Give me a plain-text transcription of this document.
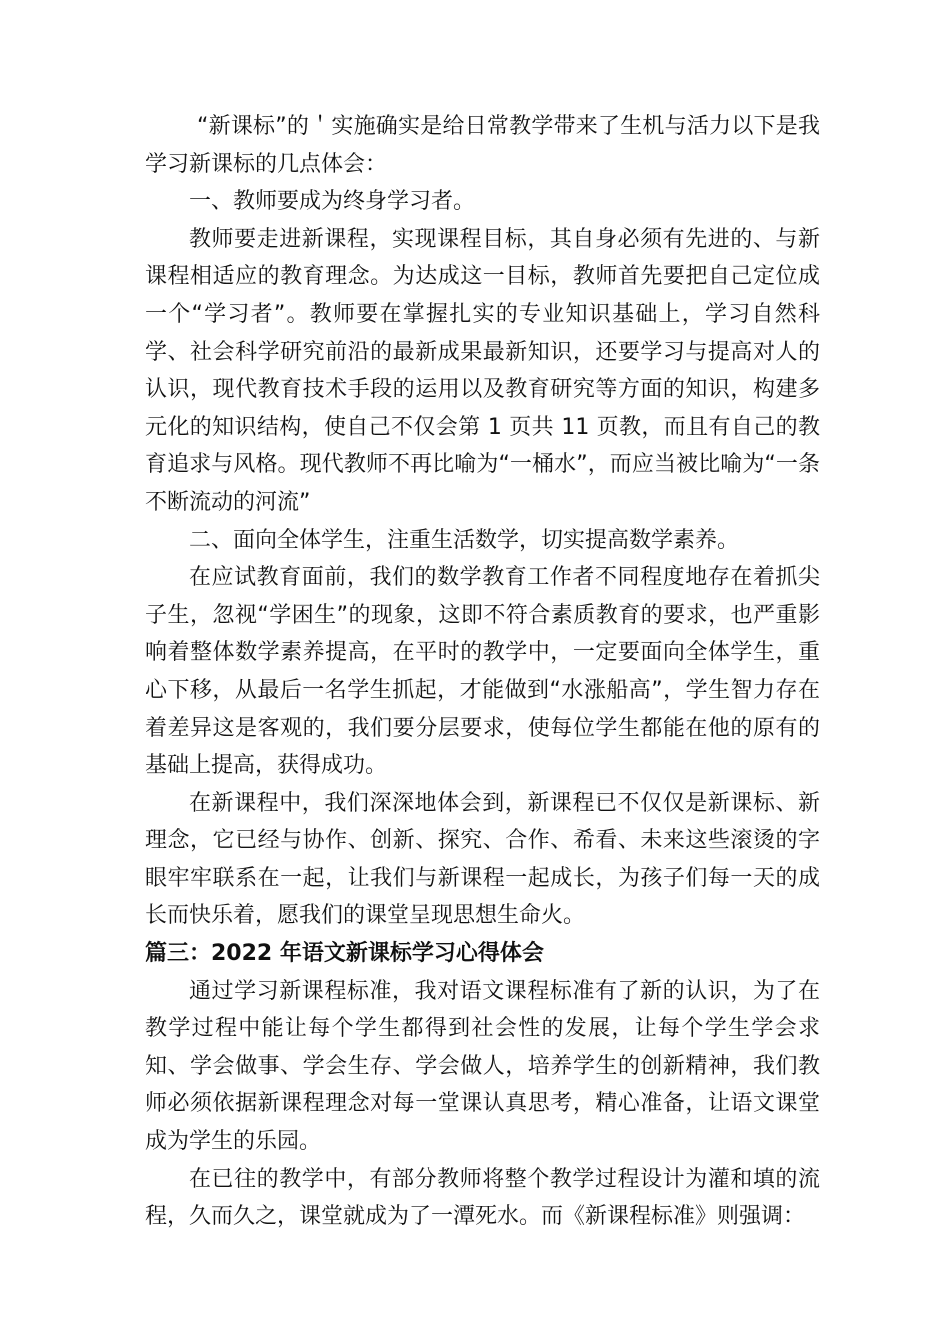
“新课标”的＇实施确实是给日常教学带来了生机与活力以下是我学习新课标的几点体会：

一、教师要成为终身学习者。

教师要走进新课程，实现课程目标，其自身必须有先进的、与新课程相适应的教育理念。为达成这一目标，教师首先要把自己定位成一个“学习者”。教师要在掌握扎实的专业知识基础上，学习自然科学、社会科学研究前沿的最新成果最新知识，还要学习与提高对人的认识，现代教育技术手段的运用以及教育研究等方面的知识，构建多元化的知识结构，使自己不仅会第 1 页共 11 页教，而且有自己的教育追求与风格。现代教师不再比喻为“一桶水”，而应当被比喻为“一条不断流动的河流”

二、面向全体学生，注重生活数学，切实提高数学素养。

在应试教育面前，我们的数学教育工作者不同程度地存在着抓尖子生，忽视“学困生”的现象，这即不符合素质教育的要求，也严重影响着整体数学素养提高，在平时的教学中，一定要面向全体学生，重心下移，从最后一名学生抓起，才能做到“水涨船高”，学生智力存在着差异这是客观的，我们要分层要求，使每位学生都能在他的原有的基础上提高，获得成功。

在新课程中，我们深深地体会到，新课程已不仅仅是新课标、新理念，它已经与协作、创新、探究、合作、希看、未来这些滚烫的字眼牢牢联系在一起，让我们与新课程一起成长，为孩子们每一天的成长而快乐着，愿我们的课堂呈现思想生命火。

篇三：2022 年语文新课标学习心得体会

通过学习新课程标准，我对语文课程标准有了新的认识，为了在教学过程中能让每个学生都得到社会性的发展，让每个学生学会求知、学会做事、学会生存、学会做人，培养学生的创新精神，我们教师必须依据新课程理念对每一堂课认真思考，精心准备，让语文课堂成为学生的乐园。

在已往的教学中，有部分教师将整个教学过程设计为灌和填的流程，久而久之，课堂就成为了一潭死水。而《新课程标准》则强调：
